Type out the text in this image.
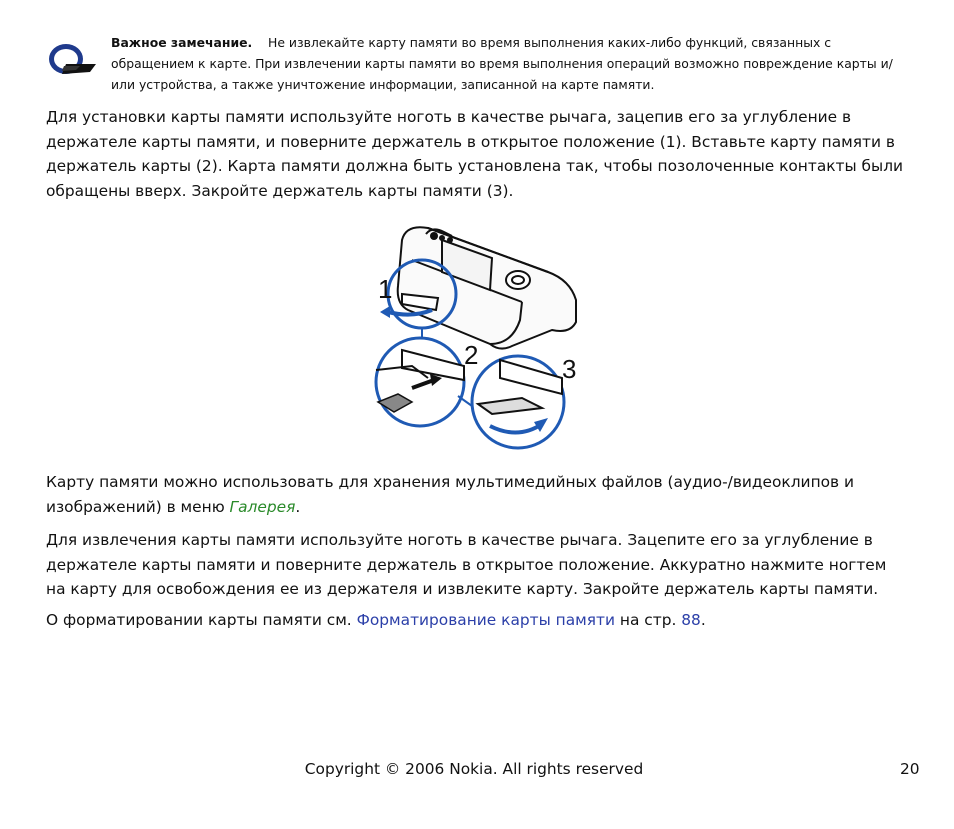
Важное замечание. Не извлекайте карту памяти во время выполнения каких-либо функций, связанных с обращением к карте. При извлечении карты памяти во время выполнения операций возможно повреждение карты и/или устройства, а также уничтожение информации, записанной на карте памяти.
Для установки карты памяти используйте ноготь в качестве рычага, зацепив его за углубление в держателе карты памяти, и поверните держатель в открытое положение (1). Вставьте карту памяти в держатель карты (2). Карта памяти должна быть установлена так, чтобы позолоченные контакты были обращены вверх. Закройте держатель карты памяти (3).
1
2	3
Карту памяти можно использовать для хранения мультимедийных файлов (аудио-/видеоклипов и изображений) в меню Галерея.
Для извлечения карты памяти используйте ноготь в качестве рычага. Зацепите его за углубление в держателе карты памяти и поверните держатель в открытое положение. Аккуратно нажмите ногтем на карту для освобождения ее из держателя и извлеките карту. Закройте держатель карты памяти.
О форматировании карты памяти см. Форматирование карты памяти на стр. 88.
Copyright © 2006 Nokia. All rights reserved	20
